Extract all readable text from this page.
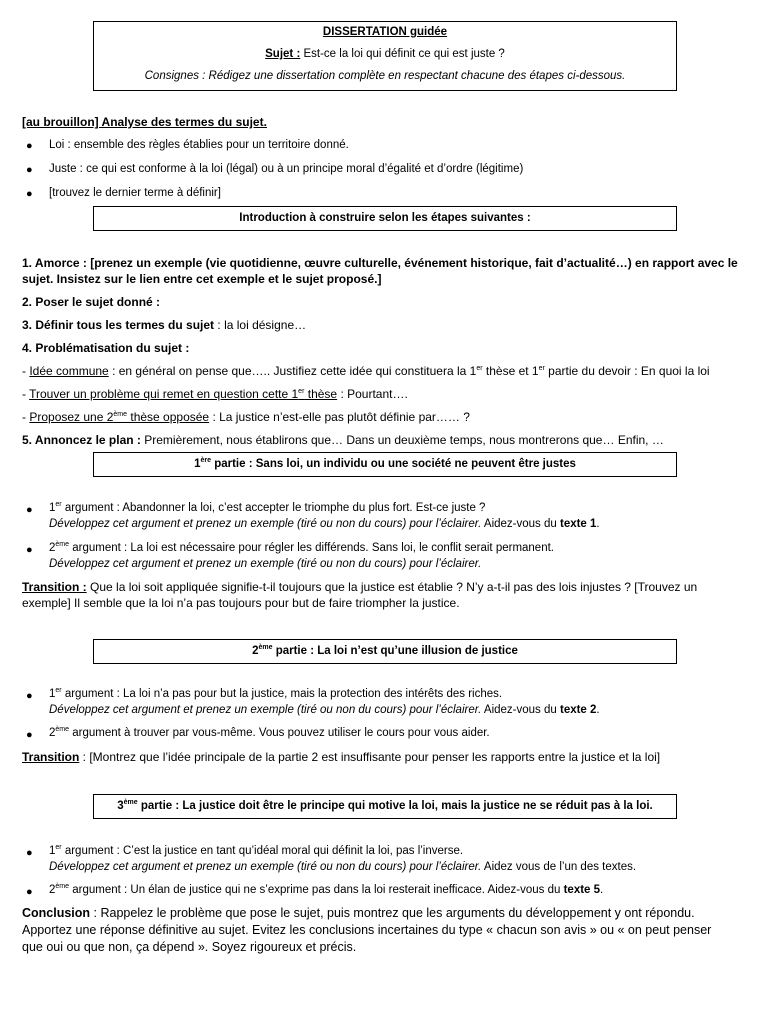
DISSERTATION guidée
Sujet : Est-ce la loi qui définit ce qui est juste ?
Consignes : Rédigez une dissertation complète en respectant chacune des étapes ci-dessous.
[au brouillon] Analyse des termes du sujet.
● Loi : ensemble des règles établies pour un territoire donné.
● Juste : ce qui est conforme à la loi (légal) ou à un principe moral d’égalité et d’ordre (légitime)
● [trouvez le dernier terme à définir]
Introduction à construire selon les étapes suivantes :
1. Amorce : [prenez un exemple (vie quotidienne, œuvre culturelle, événement historique, fait d’actualité…) en rapport avec le
sujet. Insistez sur le lien entre cet exemple et le sujet proposé.]
2. Poser le sujet donné :
3. Définir tous les termes du sujet : la loi désigne…
4. Problématisation du sujet :
- Idée commune : en général on pense que….. Justifiez cette idée qui constituera la 1er thèse et 1er partie du devoir : En quoi la loi
- Trouver un problème qui remet en question cette 1er thèse : Pourtant….
- Proposez une 2ème thèse opposée : La justice n’est-elle pas plutôt définie par…… ?
5. Annoncez le plan : Premièrement, nous établirons que… Dans un deuxième temps, nous montrerons que… Enfin, …
1ère partie : Sans loi, un individu ou une société ne peuvent être justes
● 1er argument : Abandonner la loi, c’est accepter le triomphe du plus fort. Est-ce juste ?
Développez cet argument et prenez un exemple (tiré ou non du cours) pour l’éclairer. Aidez-vous du texte 1.
● 2ème argument : La loi est nécessaire pour régler les différends. Sans loi, le conflit serait permanent.
Développez cet argument et prenez un exemple (tiré ou non du cours) pour l’éclairer.
Transition : Que la loi soit appliquée signifie-t-il toujours que la justice est établie ? N’y a-t-il pas des lois injustes ? [Trouvez un
exemple] Il semble que la loi n’a pas toujours pour but de faire triompher la justice.
2ème partie : La loi n’est qu’une illusion de justice
● 1er argument : La loi n’a pas pour but la justice, mais la protection des intérêts des riches.
Développez cet argument et prenez un exemple (tiré ou non du cours) pour l’éclairer. Aidez-vous du texte 2.
● 2ème argument à trouver par vous-même. Vous pouvez utiliser le cours pour vous aider.
Transition : [Montrez que l’idée principale de la partie 2 est insuffisante pour penser les rapports entre la justice et la loi]
3ème partie : La justice doit être le principe qui motive la loi, mais la justice ne se réduit pas à la loi.
● 1er argument : C’est la justice en tant qu’idéal moral qui définit la loi, pas l’inverse.
Développez cet argument et prenez un exemple (tiré ou non du cours) pour l’éclairer. Aidez vous de l’un des textes.
● 2ème argument : Un élan de justice qui ne s’exprime pas dans la loi resterait inefficace. Aidez-vous du texte 5.
Conclusion : Rappelez le problème que pose le sujet, puis montrez que les arguments du développement y ont répondu.
Apportez une réponse définitive au sujet. Evitez les conclusions incertaines du type « chacun son avis » ou « on peut penser
que oui ou que non, ça dépend ». Soyez rigoureux et précis.
